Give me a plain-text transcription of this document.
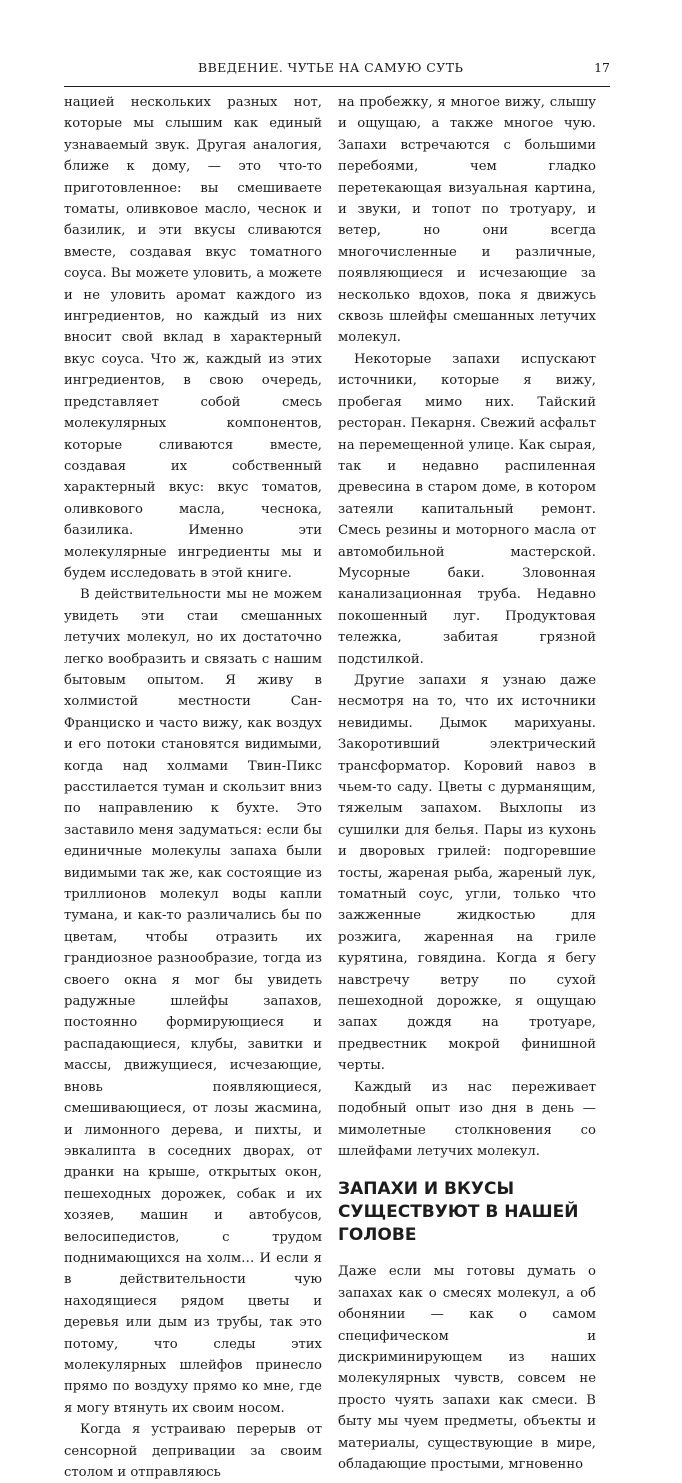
ВВЕДЕНИЕ. ЧУТЬЕ НА САМУЮ СУТЬ	17

нацией нескольких разных нот, которые мы слышим как единый узнаваемый звук. Другая аналогия, ближе к дому, — это что-то приготовленное: вы смешиваете томаты, оливковое масло, чеснок и базилик, и эти вкусы сливаются вместе, создавая вкус томатного соуса. Вы можете уловить, а можете и не уловить аромат каждого из ингредиентов, но каждый из них вносит свой вклад в характерный вкус соуса. Что ж, каждый из этих ингредиентов, в свою очередь, представляет собой смесь молекулярных компонентов, которые сливаются вместе, создавая их собственный характерный вкус: вкус томатов, оливкового масла, чеснока, базилика. Именно эти молекулярные ингредиенты мы и будем исследовать в этой книге.

В действительности мы не можем увидеть эти стаи смешанных летучих молекул, но их достаточно легко вообразить и связать с нашим бытовым опытом. Я живу в холмистой местности Сан-Франциско и часто вижу, как воздух и его потоки становятся видимыми, когда над холмами Твин-Пикс расстилается туман и скользит вниз по направлению к бухте. Это заставило меня задуматься: если бы единичные молекулы запаха были видимыми так же, как состоящие из триллионов молекул воды капли тумана, и как-то различались бы по цветам, чтобы отразить их грандиозное разнообразие, тогда из своего окна я мог бы увидеть радужные шлейфы запахов, постоянно формирующиеся и распадающиеся, клубы, завитки и массы, движущиеся, исчезающие, вновь появляющиеся, смешивающиеся, от лозы жасмина, и лимонного дерева, и пихты, и эвкалипта в соседних дворах, от дранки на крыше, открытых окон, пешеходных дорожек, собак и их хозяев, машин и автобусов, велосипедистов, с трудом поднимающихся на холм… И если я в действительности чую находящиеся рядом цветы и деревья или дым из трубы, так это потому, что следы этих молекулярных шлейфов принесло прямо по воздуху прямо ко мне, где я могу втянуть их своим носом.

Когда я устраиваю перерыв от сенсорной депривации за своим столом и отправляюсь

на пробежку, я многое вижу, слышу и ощущаю, а также многое чую. Запахи встречаются с большими перебоями, чем гладко перетекающая визуальная картина, и звуки, и топот по тротуару, и ветер, но они всегда многочисленные и различные, появляющиеся и исчезающие за несколько вдохов, пока я движусь сквозь шлейфы смешанных летучих молекул.

Некоторые запахи испускают источники, которые я вижу, пробегая мимо них. Тайский ресторан. Пекарня. Свежий асфальт на перемещенной улице. Как сырая, так и недавно распиленная древесина в старом доме, в котором затеяли капитальный ремонт. Смесь резины и моторного масла от автомобильной мастерской. Мусорные баки. Зловонная канализационная труба. Недавно покошенный луг. Продуктовая тележка, забитая грязной подстилкой.

Другие запахи я узнаю даже несмотря на то, что их источники невидимы. Дымок марихуаны. Закоротивший электрический трансформатор. Коровий навоз в чьем-то саду. Цветы с дурманящим, тяжелым запахом. Выхлопы из сушилки для белья. Пары из кухонь и дворовых грилей: подгоревшие тосты, жареная рыба, жареный лук, томатный соус, угли, только что зажженные жидкостью для розжига, жаренная на гриле курятина, говядина. Когда я бегу навстречу ветру по сухой пешеходной дорожке, я ощущаю запах дождя на тротуаре, предвестник мокрой финишной черты.

Каждый из нас переживает подобный опыт изо дня в день — мимолетные столкновения со шлейфами летучих молекул.

ЗАПАХИ И ВКУСЫ СУЩЕСТВУЮТ В НАШЕЙ ГОЛОВЕ

Даже если мы готовы думать о запахах как о смесях молекул, а об обонянии — как о самом специфическом и дискриминирующем из наших молекулярных чувств, совсем не просто чуять запахи как смеси. В быту мы чуем предметы, объекты и материалы, существующие в мире, обладающие простыми, мгновенно
